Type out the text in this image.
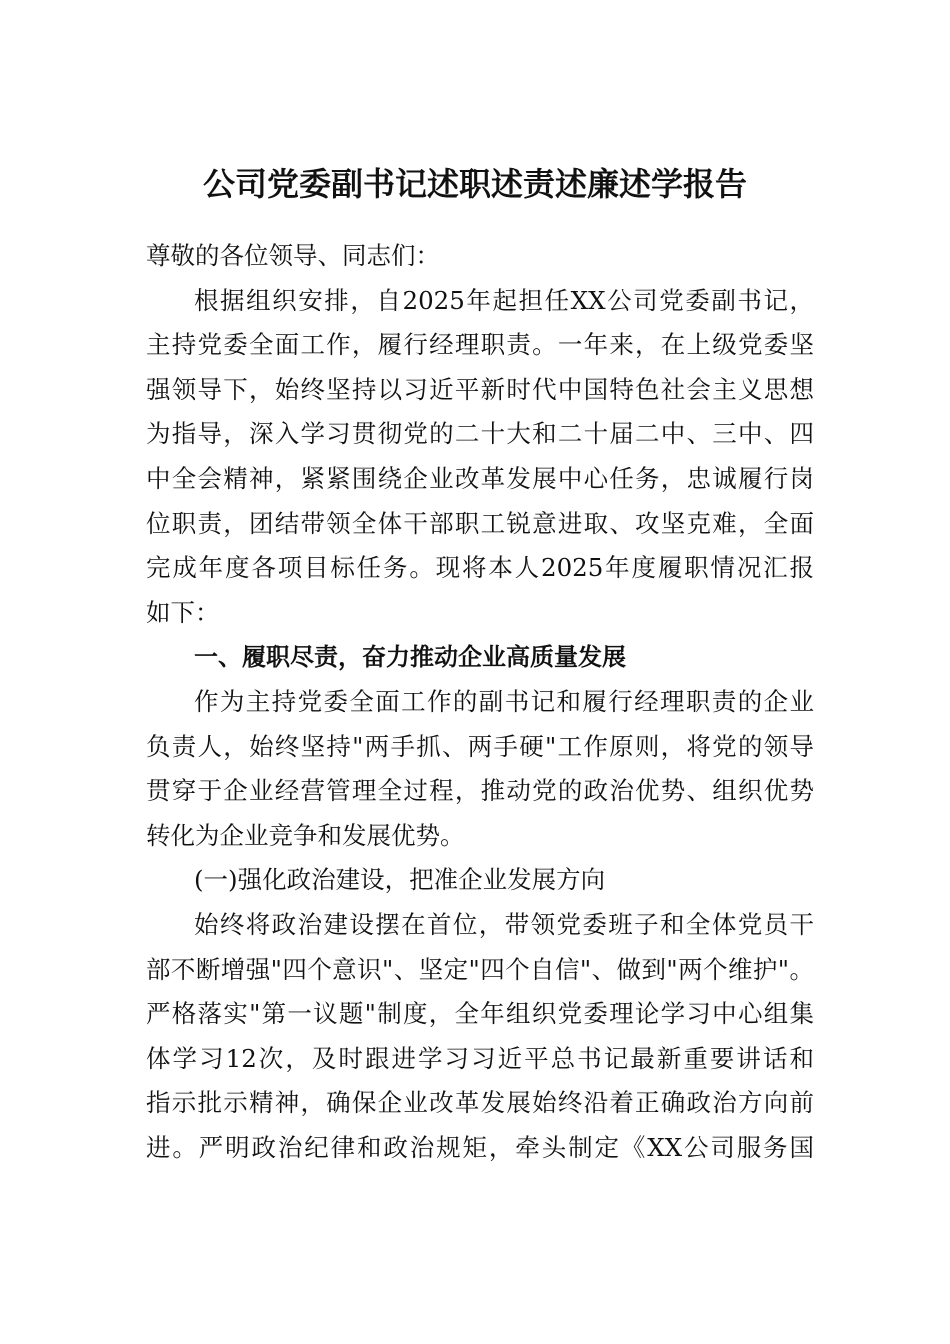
公司党委副书记述职述责述廉述学报告
尊敬的各位领导、同志们：
根据组织安排，自2025年起担任XX公司党委副书记，
主持党委全面工作，履行经理职责。一年来，在上级党委坚
强领导下，始终坚持以习近平新时代中国特色社会主义思想
为指导，深入学习贯彻党的二十大和二十届二中、三中、四
中全会精神，紧紧围绕企业改革发展中心任务，忠诚履行岗
位职责，团结带领全体干部职工锐意进取、攻坚克难，全面
完成年度各项目标任务。现将本人2025年度履职情况汇报
如下：
一、履职尽责，奋力推动企业高质量发展
作为主持党委全面工作的副书记和履行经理职责的企业
负责人，始终坚持"两手抓、两手硬"工作原则，将党的领导
贯穿于企业经营管理全过程，推动党的政治优势、组织优势
转化为企业竞争和发展优势。
(一)强化政治建设，把准企业发展方向
始终将政治建设摆在首位，带领党委班子和全体党员干
部不断增强"四个意识"、坚定"四个自信"、做到"两个维护"。
严格落实"第一议题"制度，全年组织党委理论学习中心组集
体学习12次，及时跟进学习习近平总书记最新重要讲话和
指示批示精神，确保企业改革发展始终沿着正确政治方向前
进。严明政治纪律和政治规矩，牵头制定《XX公司服务国
